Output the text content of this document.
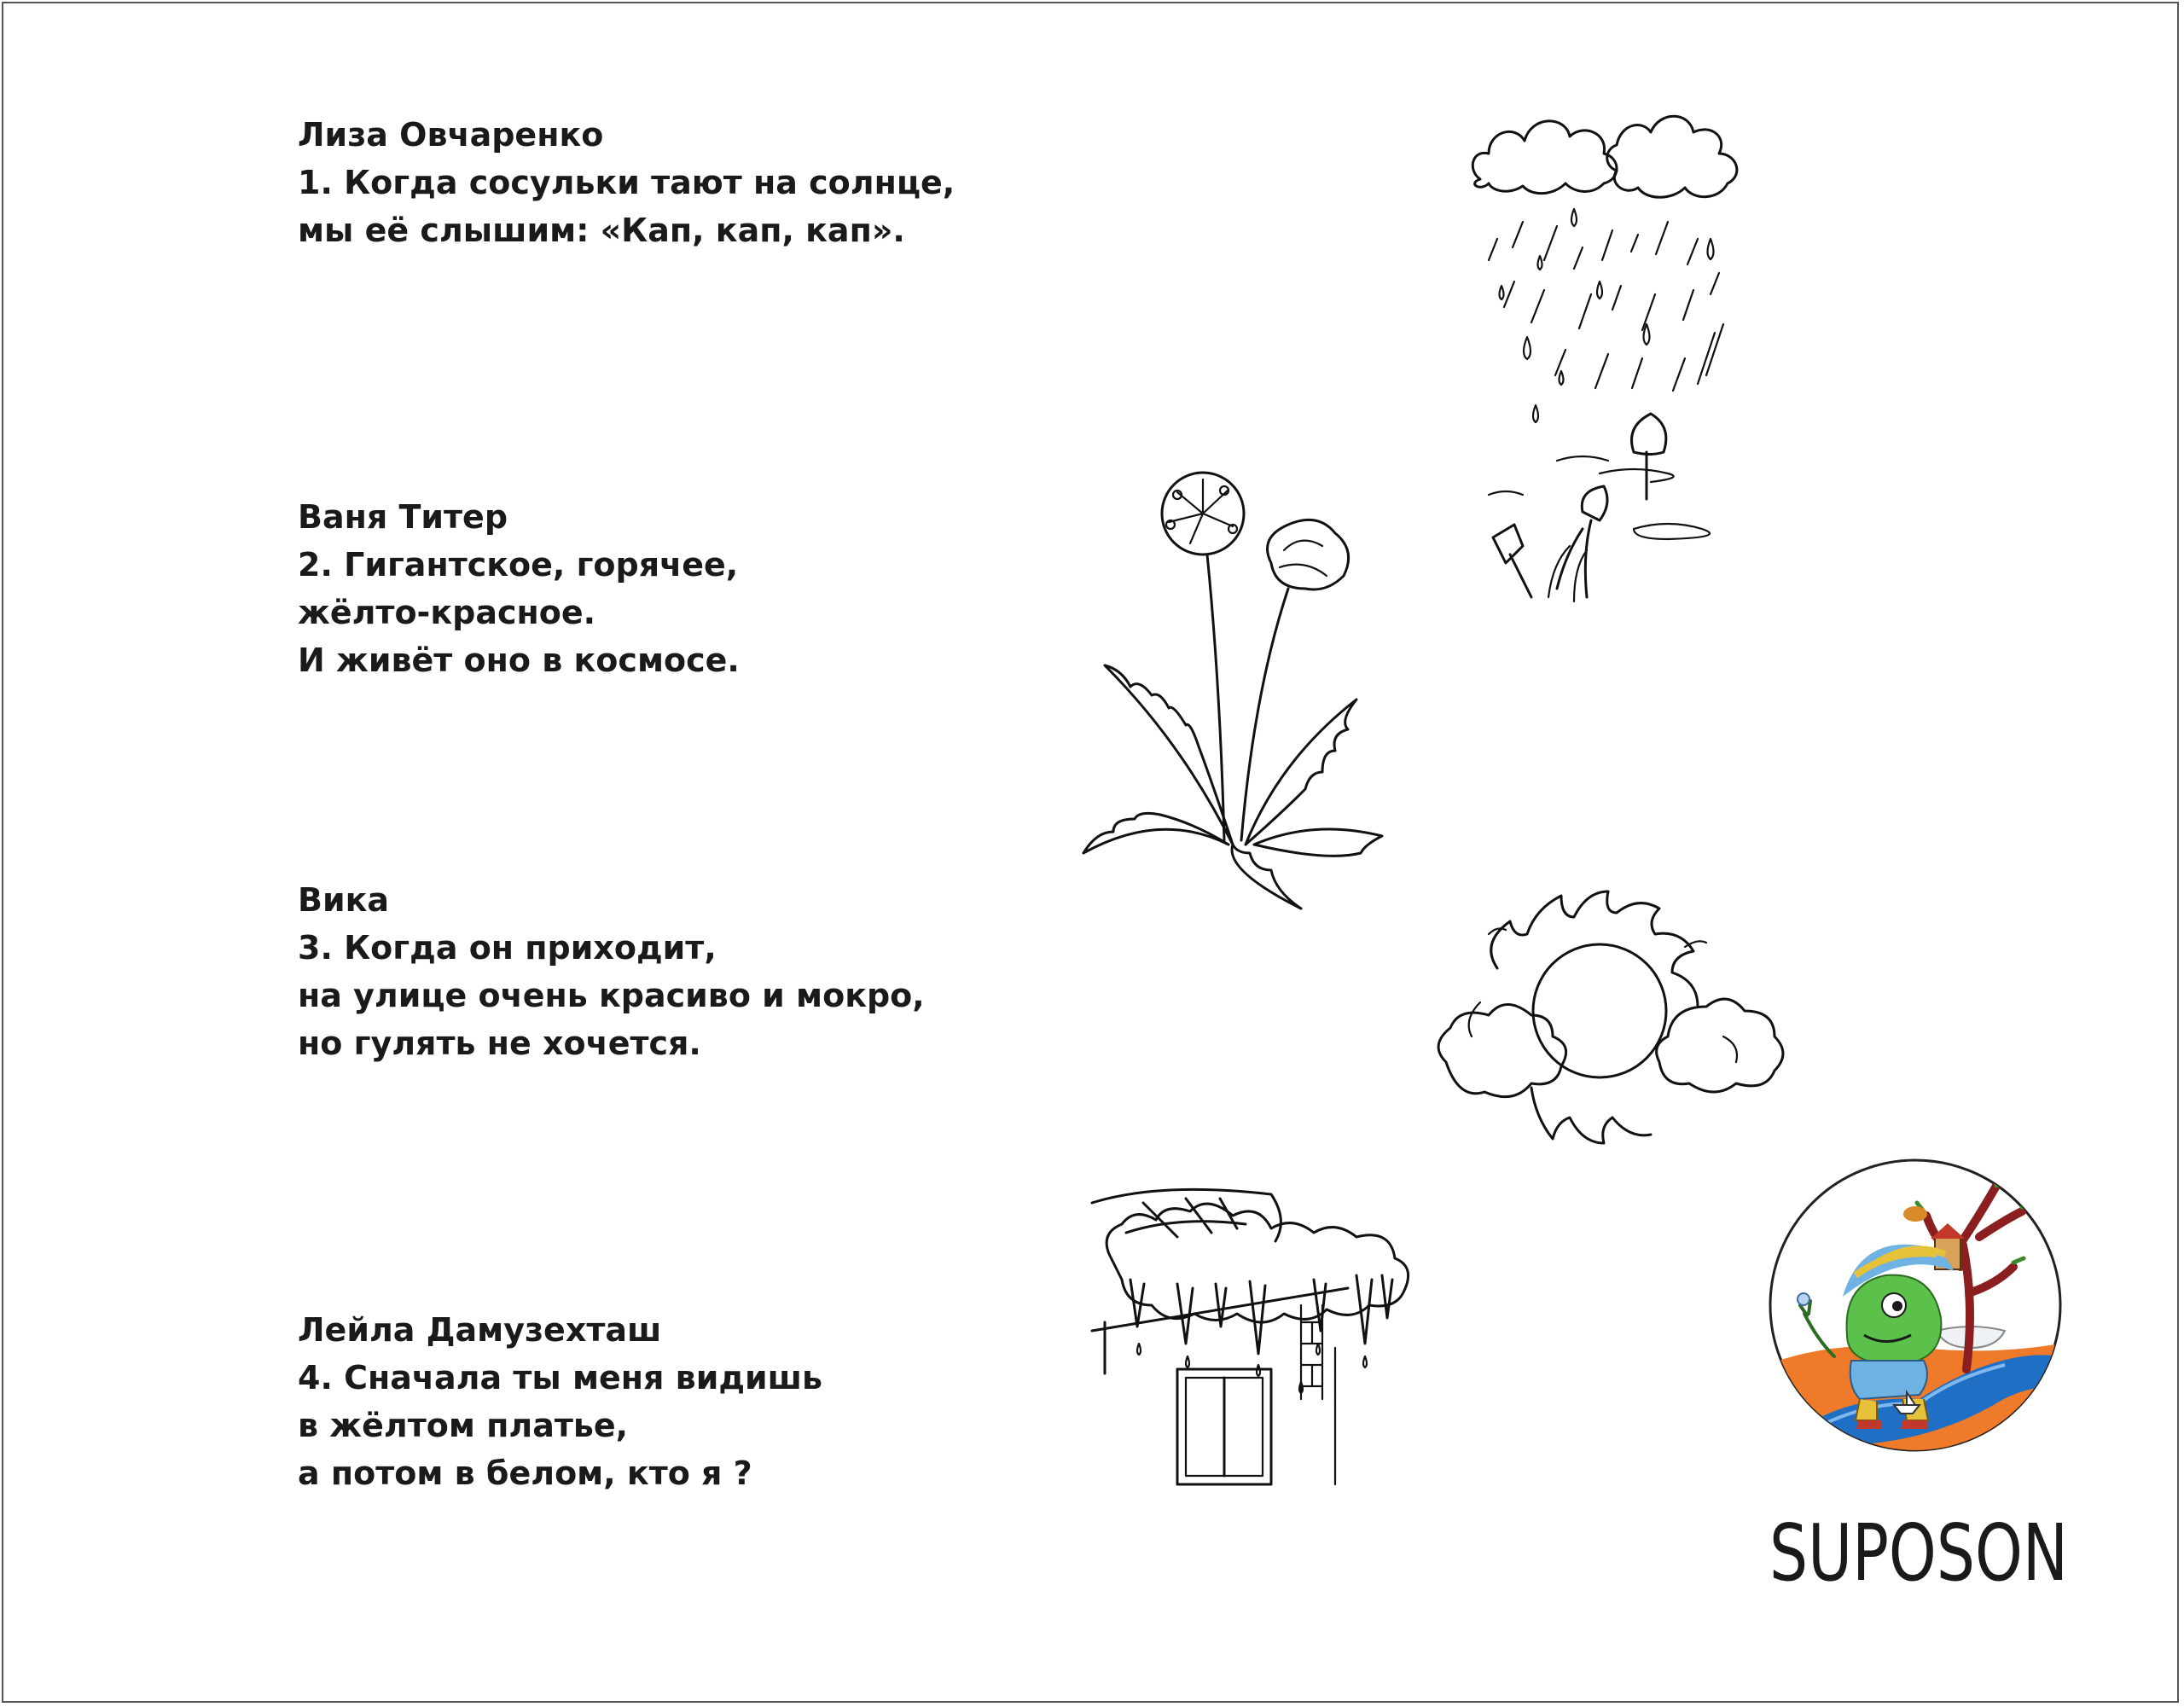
Лиза Овчаренко
1. Когда сосульки тают на солнце,
мы её слышим: «Кап, кап, кап».
Ваня Титер
2. Гигантское, горячее,
жёлто-красное.
И живёт оно в космосе.
Вика
3. Когда он приходит,
на улице очень красиво и мокро,
но гулять не хочется.
Лейла Дамузехташ
4. Сначала ты меня видишь
в жёлтом платье,
а потом в белом, кто я ?
SUPOSON
